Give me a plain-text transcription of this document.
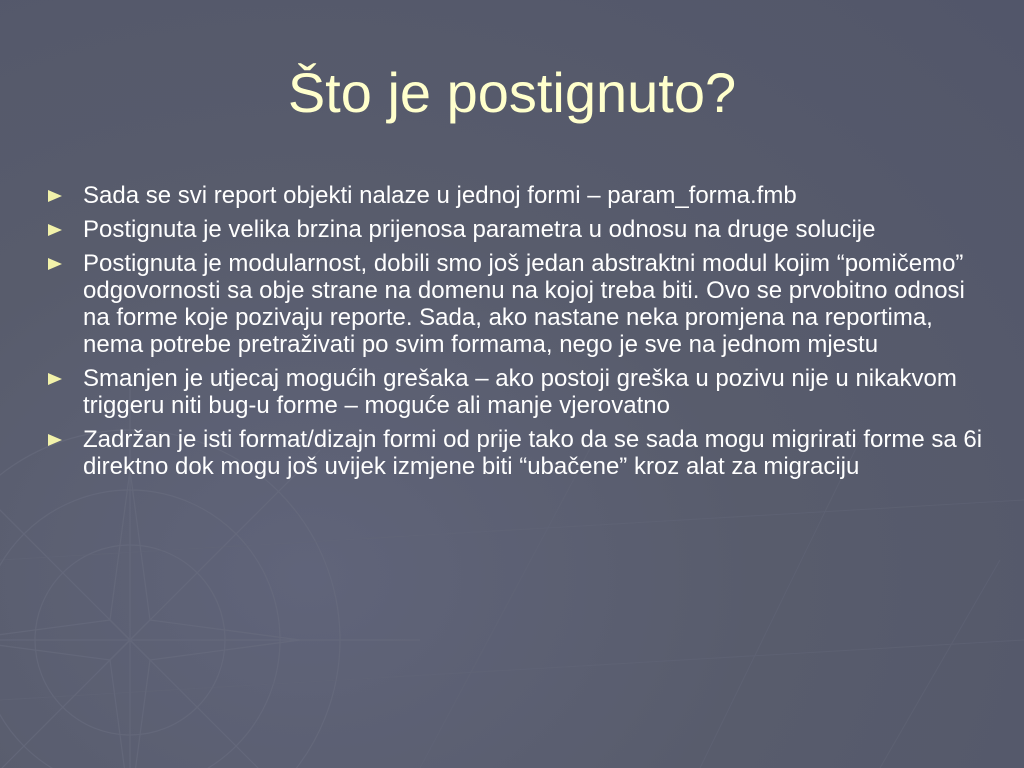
Što je postignuto?
Sada se svi report objekti nalaze u jednoj formi – param_forma.fmb
Postignuta je velika brzina prijenosa parametra u odnosu na druge solucije
Postignuta je modularnost, dobili smo još jedan abstraktni modul kojim “pomičemo” odgovornosti sa obje strane na domenu na kojoj treba biti. Ovo se prvobitno odnosi na forme koje pozivaju reporte. Sada, ako nastane neka promjena na reportima, nema potrebe pretraživati po svim formama, nego je sve na jednom mjestu
Smanjen je utjecaj mogućih grešaka – ako postoji greška u pozivu nije u nikakvom triggeru niti bug-u forme – moguće ali manje vjerovatno
Zadržan je isti format/dizajn formi od prije tako da se sada mogu migrirati forme sa 6i direktno dok mogu još uvijek izmjene biti “ubačene” kroz alat za migraciju
